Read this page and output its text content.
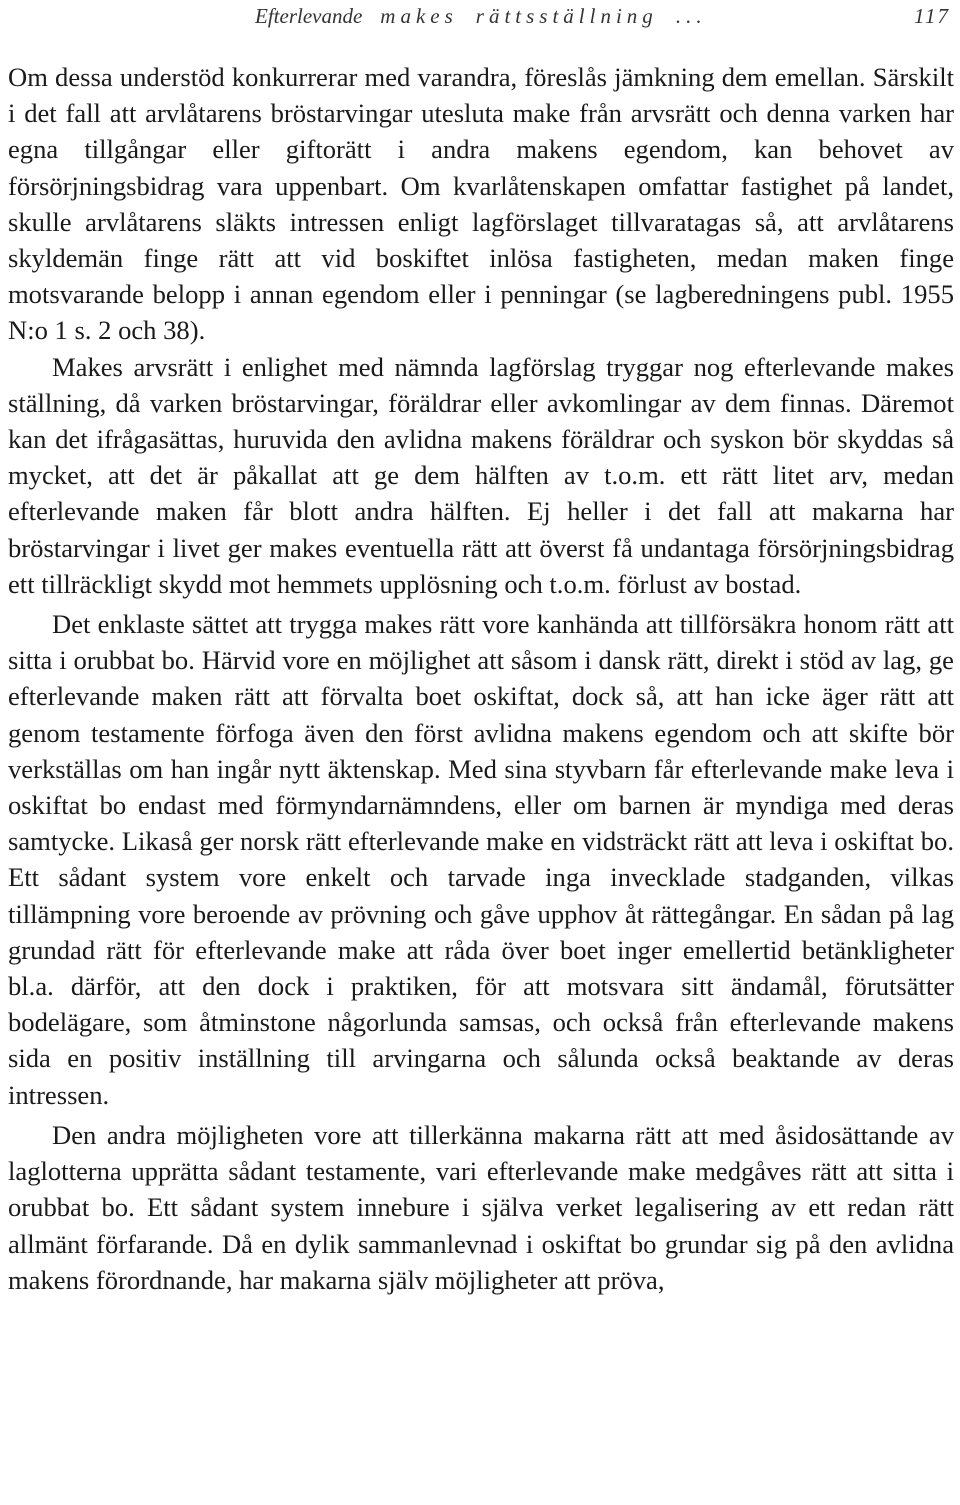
Efterlevande makes rättsställning ...	117

Om dessa understöd konkurrerar med varandra, föreslås jämkning dem emellan. Särskilt i det fall att arvlåtarens bröstarvingar utesluta make från arvsrätt och denna varken har egna tillgångar eller giftorätt i andra makens egendom, kan behovet av försörjningsbidrag vara uppenbart. Om kvarlåtenskapen omfattar fastighet på landet, skulle arvlåtarens släkts intressen enligt lagförslaget tillvaratagas så, att arvlåtarens skyldemän finge rätt att vid boskiftet inlösa fastigheten, medan maken finge motsvarande belopp i annan egendom eller i penningar (se lagberedningens publ. 1955 N:o 1 s. 2 och 38).

Makes arvsrätt i enlighet med nämnda lagförslag tryggar nog efterlevande makes ställning, då varken bröstarvingar, föräldrar eller avkomlingar av dem finnas. Däremot kan det ifrågasättas, huruvida den avlidna makens föräldrar och syskon bör skyddas så mycket, att det är påkallat att ge dem hälften av t.o.m. ett rätt litet arv, medan efterlevande maken får blott andra hälften. Ej heller i det fall att makarna har bröstarvingar i livet ger makes eventuella rätt att överst få undantaga försörjningsbidrag ett tillräckligt skydd mot hemmets upplösning och t.o.m. förlust av bostad.

Det enklaste sättet att trygga makes rätt vore kanhända att tillförsäkra honom rätt att sitta i orubbat bo. Härvid vore en möjlighet att såsom i dansk rätt, direkt i stöd av lag, ge efterlevande maken rätt att förvalta boet oskiftat, dock så, att han icke äger rätt att genom testamente förfoga även den först avlidna makens egendom och att skifte bör verkställas om han ingår nytt äktenskap. Med sina styvbarn får efterlevande make leva i oskiftat bo endast med förmyndarnämndens, eller om barnen är myndiga med deras samtycke. Likaså ger norsk rätt efterlevande make en vidsträckt rätt att leva i oskiftat bo. Ett sådant system vore enkelt och tarvade inga invecklade stadganden, vilkas tillämpning vore beroende av prövning och gåve upphov åt rättegångar. En sådan på lag grundad rätt för efterlevande make att råda över boet inger emellertid betänkligheter bl.a. därför, att den dock i praktiken, för att motsvara sitt ändamål, förutsätter bodelägare, som åtminstone någorlunda samsas, och också från efterlevande makens sida en positiv inställning till arvingarna och sålunda också beaktande av deras intressen.

Den andra möjligheten vore att tillerkänna makarna rätt att med åsidosättande av laglotterna upprätta sådant testamente, vari efterlevande make medgåves rätt att sitta i orubbat bo. Ett sådant system innebure i själva verket legalisering av ett redan rätt allmänt förfarande. Då en dylik sammanlevnad i oskiftat bo grundar sig på den avlidna makens förordnande, har makarna själv möjligheter att pröva,
